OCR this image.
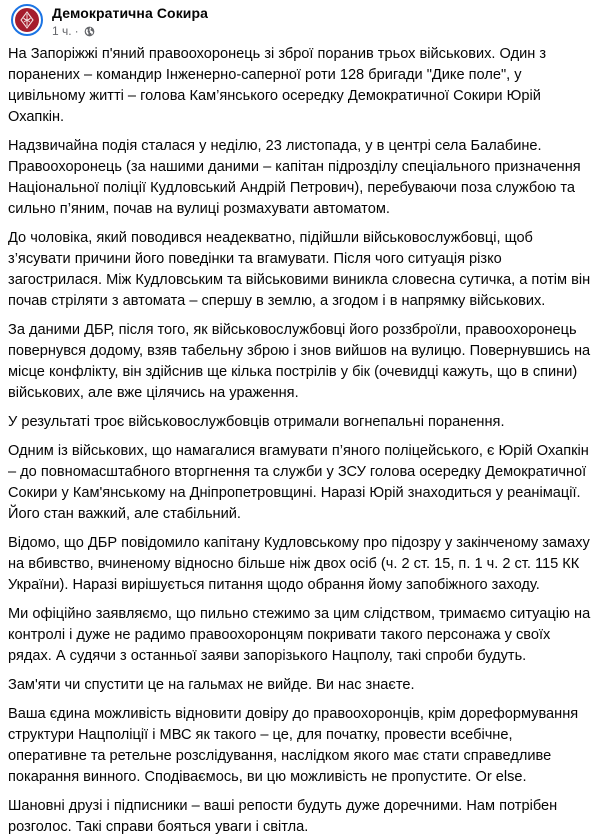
Демократична Сокира
1 ч. ·

На Запоріжжі п'яний правоохоронець зі зброї поранив трьох військових. Один з поранених – командир Інженерно-саперної роти 128 бригади "Дике поле", у цивільному житті – голова Кам’янського осередку Демократичної Сокири Юрій Охапкін.

Надзвичайна подія сталася у неділю, 23 листопада, у в центрі села Балабине. Правоохоронець (за нашими даними – капітан підрозділу спеціального призначення Національної поліції Кудловський Андрій Петрович), перебуваючи поза службою та сильно п’яним, почав на вулиці розмахувати автоматом.

До чоловіка, який поводився неадекватно, підійшли військовослужбовці, щоб з’ясувати причини його поведінки та вгамувати. Після чого ситуація різко загострилася. Між Кудловським та військовими виникла словесна сутичка, а потім він почав стріляти з автомата – спершу в землю, а згодом і в напрямку військових.

За даними ДБР, після того, як військовослужбовці його роззброїли, правоохоронець повернувся додому, взяв табельну зброю і знов вийшов на вулицю. Повернувшись на місце конфлікту, він здійснив ще кілька пострілів у бік (очевидці кажуть, що в спини) військових, але вже цілячись на ураження.

У результаті троє військовослужбовців отримали вогнепальні поранення.

Одним із військових, що намагалися вгамувати п’яного поліцейського, є Юрій Охапкін – до повномасштабного вторгнення та служби у ЗСУ голова осередку Демократичної Сокири у Кам'янському на Дніпропетровщині. Наразі Юрій знаходиться у реанімації. Його стан важкий, але стабільний.

Відомо, що ДБР повідомило капітану Кудловському про підозру у закінченому замаху на вбивство, вчиненому відносно більше ніж двох осіб (ч. 2 ст. 15, п. 1 ч. 2 ст. 115 КК України). Наразі вирішується питання щодо обрання йому запобіжного заходу.

Ми офіційно заявляємо, що пильно стежимо за цим слідством, тримаємо ситуацію на контролі і дуже не радимо правоохоронцям покривати такого персонажа у своїх рядах. А судячи з останньої заяви запорізького Нацполу, такі спроби будуть.

Зам'яти чи спустити це на гальмах не вийде. Ви нас знаєте.

Ваша єдина можливість відновити довіру до правоохоронців, крім дореформування структури Нацполіції і МВС як такого – це, для початку, провести всебічне, оперативне та ретельне розслідування, наслідком якого має стати справедливе покарання винного. Сподіваємось, ви цю можливість не пропустите. Or else.

Шановні друзі і підписники – ваші репости будуть дуже доречними. Нам потрібен розголос. Такі справи бояться уваги і світла.
